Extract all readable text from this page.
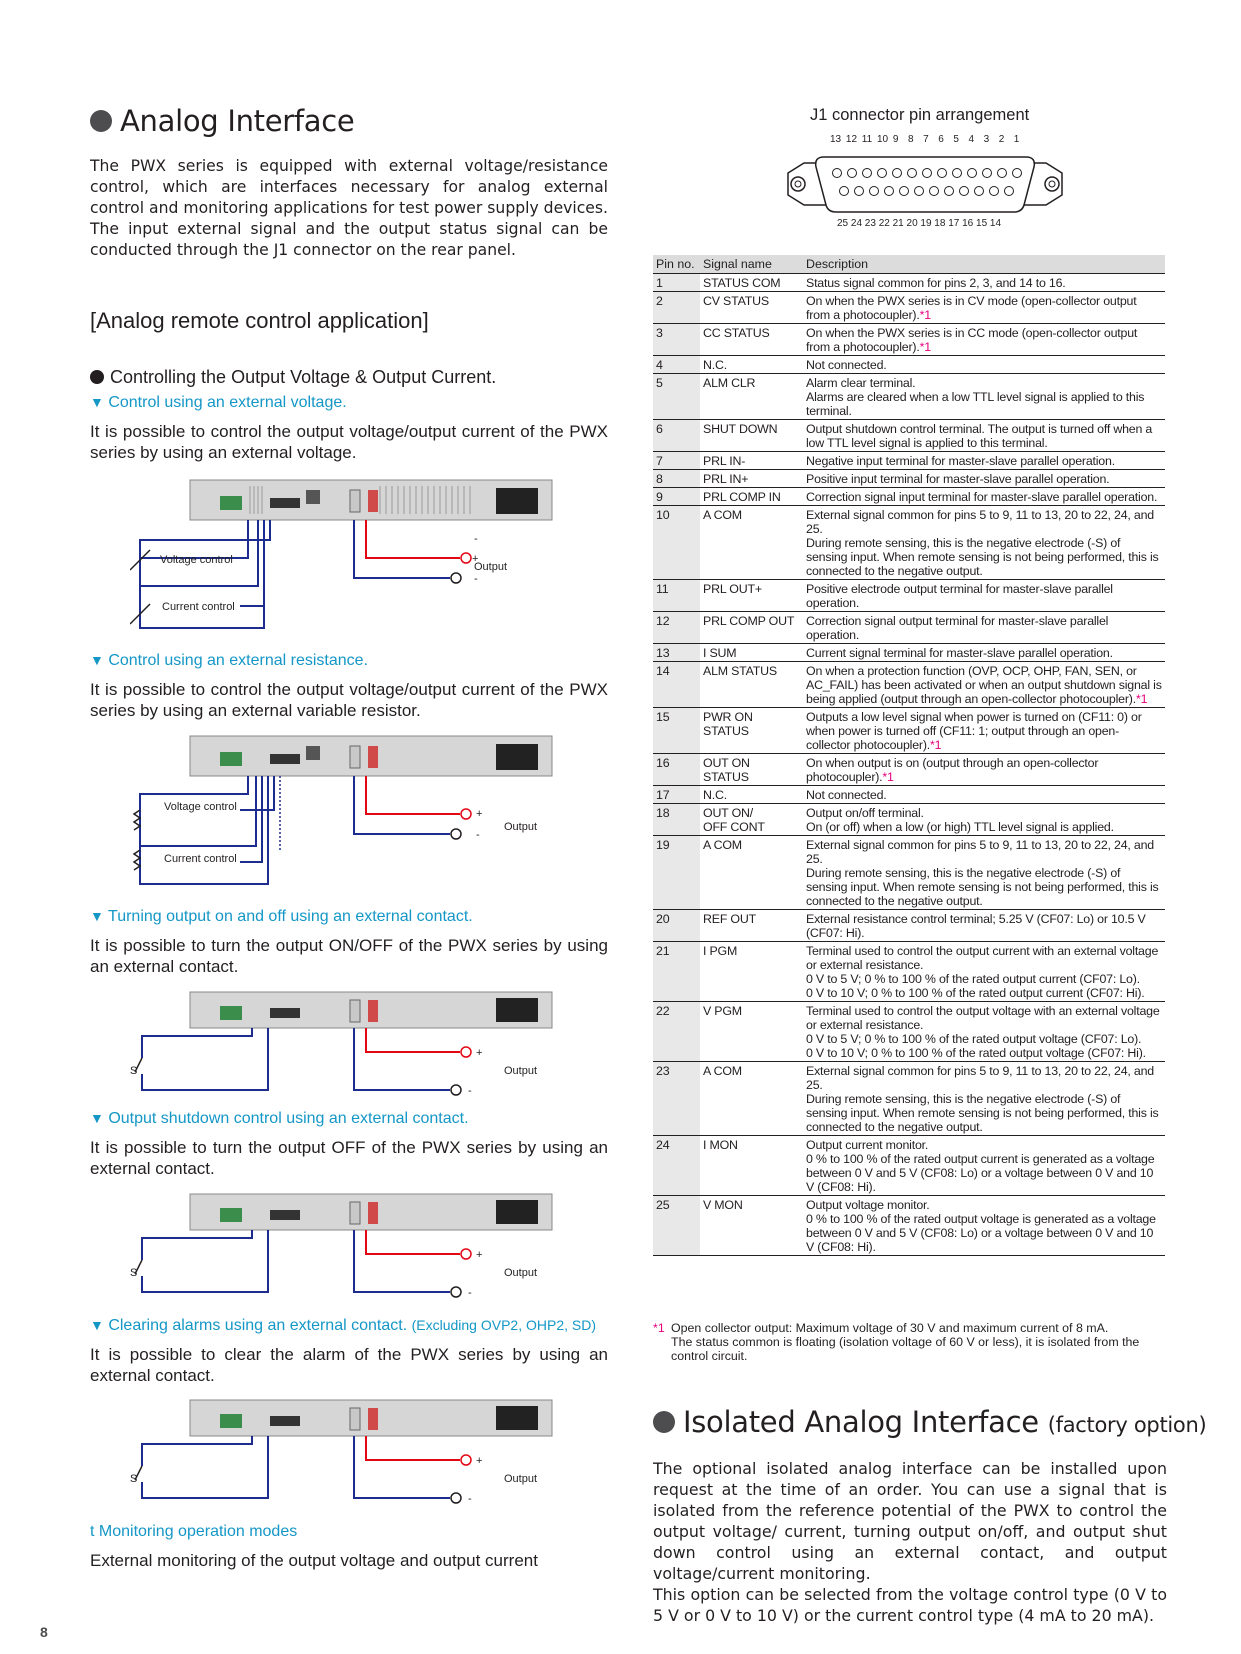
Analog Interface
The PWX series is equipped with external voltage/resistance control, which are interfaces necessary for analog external control and monitoring applications for test power supply devices. The input external signal and the output status signal can be conducted through the J1 connector on the rear panel.
[Analog remote control application]
Controlling the Output Voltage & Output Current.
▼ Control using an external voltage.
It is possible to control the output voltage/output current of the PWX series by using an external voltage.
+
-
-
Output
Voltage control
Current control
▼ Control using an external resistance.
It is possible to control the output voltage/output current of the PWX series by using an external variable resistor.
+
-
Output
Voltage control
Current control
▼ Turning output on and off using an external contact.
It is possible to turn the output ON/OFF of the PWX series by using an external contact.
+
-
Output
S
▼ Output shutdown control using an external contact.
It is possible to turn the output OFF of the PWX series by using an external contact.
+
-
Output
S
▼ Clearing alarms using an external contact. (Excluding OVP2, OHP2, SD)
It is possible to clear the alarm of the PWX series by using an external contact.
+
-
Output
S
t Monitoring operation modes
External monitoring of the output voltage and output current
J1 connector pin arrangement
13 12 11 10 9  8  7  6  5  4  3  2  1
25 24 23 22 21 20 19 18 17 16 15 14
Pin no.	Signal name	Description
1	STATUS COM	Status signal common for pins 2, 3, and 14 to 16.
2	CV STATUS	On when the PWX series is in CV mode (open-collector output from a photocoupler).*1
3	CC STATUS	On when the PWX series is in CC mode (open-collector output from a photocoupler).*1
4	N.C.	Not connected.
5	ALM CLR	Alarm clear terminal.
Alarms are cleared when a low TTL level signal is applied to this terminal.
6	SHUT DOWN	Output shutdown control terminal. The output is turned off when a low TTL level signal is applied to this terminal.
7	PRL IN-	Negative input terminal for master-slave parallel operation.
8	PRL IN+	Positive input terminal for master-slave parallel operation.
9	PRL COMP IN	Correction signal input terminal for master-slave parallel operation.
10	A COM	External signal common for pins 5 to 9, 11 to 13, 20 to 22, 24, and 25.
During remote sensing, this is the negative electrode (-S) of sensing input. When remote sensing is not being performed, this is connected to the negative output.
11	PRL OUT+	Positive electrode output terminal for master-slave parallel operation.
12	PRL COMP OUT	Correction signal output terminal for master-slave parallel operation.
13	I SUM	Current signal terminal for master-slave parallel operation.
14	ALM STATUS	On when a protection function (OVP, OCP, OHP, FAN, SEN, or AC_FAIL) has been activated or when an output shutdown signal is being applied (output through an open-collector photocoupler).*1
15	PWR ON
STATUS	Outputs a low level signal when power is turned on (CF11: 0) or when power is turned off (CF11: 1; output through an open-collector photocoupler).*1
16	OUT ON
STATUS	On when output is on (output through an open-collector photocoupler).*1
17	N.C.	Not connected.
18	OUT ON/
OFF CONT	Output on/off terminal.
On (or off) when a low (or high) TTL level signal is applied.
19	A COM	External signal common for pins 5 to 9, 11 to 13, 20 to 22, 24, and 25.
During remote sensing, this is the negative electrode (-S) of sensing input. When remote sensing is not being performed, this is connected to the negative output.
20	REF OUT	External resistance control terminal; 5.25 V (CF07: Lo) or 10.5 V (CF07: Hi).
21	I PGM	Terminal used to control the output current with an external voltage or external resistance.
0 V to 5 V; 0 % to 100 % of the rated output current (CF07: Lo).
0 V to 10 V; 0 % to 100 % of the rated output current (CF07: Hi).
22	V PGM	Terminal used to control the output voltage with an external voltage or external resistance.
0 V to 5 V; 0 % to 100 % of the rated output voltage (CF07: Lo).
0 V to 10 V; 0 % to 100 % of the rated output voltage (CF07: Hi).
23	A COM	External signal common for pins 5 to 9, 11 to 13, 20 to 22, 24, and 25.
During remote sensing, this is the negative electrode (-S) of sensing input. When remote sensing is not being performed, this is connected to the negative output.
24	I MON	Output current monitor.
0 % to 100 % of the rated output current is generated as a voltage between 0 V and 5 V (CF08: Lo) or a voltage between 0 V and 10 V (CF08: Hi).
25	V MON	Output voltage monitor.
0 % to 100 % of the rated output voltage is generated as a voltage between 0 V and 5 V (CF08: Lo) or a voltage between 0 V and 10 V (CF08: Hi).
*1 Open collector output: Maximum voltage of 30 V and maximum current of 8 mA.
The status common is floating (isolation voltage of 60 V or less), it is isolated from the control circuit.
Isolated Analog Interface (factory option)
The optional isolated analog interface can be installed upon request at the time of an order. You can use a signal that is isolated from the reference potential of the PWX to control the output voltage/ current, turning output on/off, and output shut down control using an external contact, and output voltage/current monitoring.
This option can be selected from the voltage control type (0 V to 5 V or 0 V to 10 V) or the current control type (4 mA to 20 mA).
8
